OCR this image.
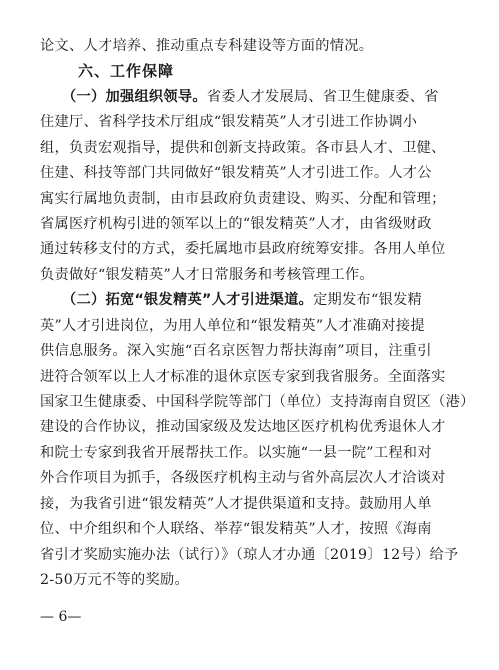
论文、人才培养、推动重点专科建设等方面的情况。
六、工作保障
（一）加强组织领导。省委人才发展局、省卫生健康委、省
住建厅、省科学技术厅组成“银发精英”人才引进工作协调小
组，负责宏观指导，提供和创新支持政策。各市县人才、卫健、
住建、科技等部门共同做好“银发精英”人才引进工作。人才公
寓实行属地负责制，由市县政府负责建设、购买、分配和管理；
省属医疗机构引进的领军以上的“银发精英”人才，由省级财政
通过转移支付的方式，委托属地市县政府统筹安排。各用人单位
负责做好“银发精英”人才日常服务和考核管理工作。
（二）拓宽“银发精英”人才引进渠道。定期发布“银发精
英”人才引进岗位，为用人单位和“银发精英”人才准确对接提
供信息服务。深入实施“百名京医智力帮扶海南”项目，注重引
进符合领军以上人才标准的退休京医专家到我省服务。全面落实
国家卫生健康委、中国科学院等部门（单位）支持海南自贸区（港）
建设的合作协议，推动国家级及发达地区医疗机构优秀退休人才
和院士专家到我省开展帮扶工作。以实施“一县一院”工程和对
外合作项目为抓手，各级医疗机构主动与省外高层次人才洽谈对
接，为我省引进“银发精英”人才提供渠道和支持。鼓励用人单
位、中介组织和个人联络、举荐“银发精英”人才，按照《海南
省引才奖励实施办法（试行）》（琼人才办通〔2019〕12号）给予
2-50万元不等的奖励。
— 6—
